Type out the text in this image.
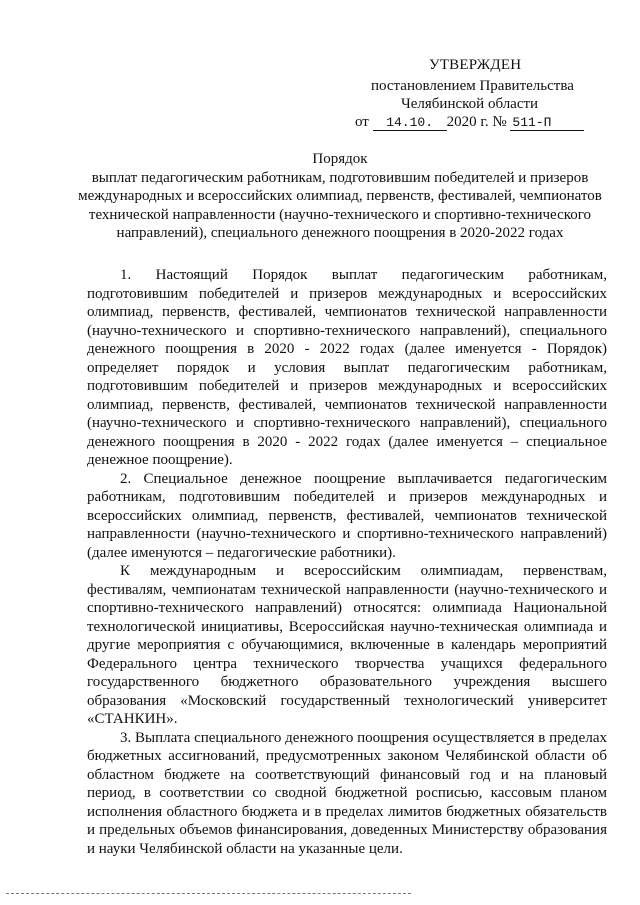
УТВЕРЖДЕН
постановлением Правительства
Челябинской области
от 14.10. 2020 г. № 511-П
Порядок
выплат педагогическим работникам, подготовившим победителей и призеров международных и всероссийских олимпиад, первенств, фестивалей, чемпионатов технической направленности (научно-технического и спортивно-технического направлений), специального денежного поощрения в 2020-2022 годах

1. Настоящий Порядок выплат педагогическим работникам, подготовившим победителей и призеров международных и всероссийских олимпиад, первенств, фестивалей, чемпионатов технической направленности (научно-технического и спортивно-технического направлений), специального денежного поощрения в 2020 - 2022 годах (далее именуется - Порядок) определяет порядок и условия выплат педагогическим работникам, подготовившим победителей и призеров международных и всероссийских олимпиад, первенств, фестивалей, чемпионатов технической направленности (научно-технического и спортивно-технического направлений), специального денежного поощрения в 2020 - 2022 годах (далее именуется – специальное денежное поощрение).

2. Специальное денежное поощрение выплачивается педагогическим работникам, подготовившим победителей и призеров международных и всероссийских олимпиад, первенств, фестивалей, чемпионатов технической направленности (научно-технического и спортивно-технического направлений) (далее именуются – педагогические работники).

К международным и всероссийским олимпиадам, первенствам, фестивалям, чемпионатам технической направленности (научно-технического и спортивно-технического направлений) относятся: олимпиада Национальной технологической инициативы, Всероссийская научно-техническая олимпиада и другие мероприятия с обучающимися, включенные в календарь мероприятий Федерального центра технического творчества учащихся федерального государственного бюджетного образовательного учреждения высшего образования «Московский государственный технологический университет «СТАНКИН».

3. Выплата специального денежного поощрения осуществляется в пределах бюджетных ассигнований, предусмотренных законом Челябинской области об областном бюджете на соответствующий финансовый год и на плановый период, в соответствии со сводной бюджетной росписью, кассовым планом исполнения областного бюджета и в пределах лимитов бюджетных обязательств и предельных объемов финансирования, доведенных Министерству образования и науки Челябинской области на указанные цели.
